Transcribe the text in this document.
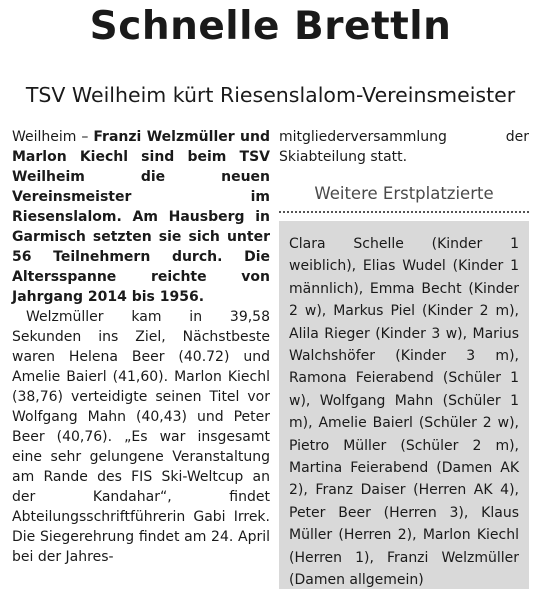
Schnelle Brettln
TSV Weilheim kürt Riesenslalom-Vereinsmeister

Weilheim – Franzi Welzmüller und Marlon Kiechl sind beim TSV Weilheim die neuen Vereinsmeister im Riesenslalom. Am Hausberg in Garmisch setzten sie sich unter 56 Teilnehmern durch. Die Altersspanne reichte von Jahrgang 2014 bis 1956.

Welzmüller kam in 39,58 Sekunden ins Ziel, Nächstbeste waren Helena Beer (40.72) und Amelie Baierl (41,60). Marlon Kiechl (38,76) verteidigte seinen Titel vor Wolfgang Mahn (40,43) und Peter Beer (40,76). „Es war insgesamt eine sehr gelungene Veranstaltung am Rande des FIS Ski-Weltcup an der Kandahar“, findet Abteilungsschriftführerin Gabi Irrek. Die Siegerehrung findet am 24. April bei der Jahres-

mitgliederversammlung der Skiabteilung statt.

Weitere Erstplatzierte

Clara Schelle (Kinder 1 weiblich), Elias Wudel (Kinder 1 männlich), Emma Becht (Kinder 2 w), Markus Piel (Kinder 2 m), Alila Rieger (Kinder 3 w), Marius Walchshöfer (Kinder 3 m), Ramona Feierabend (Schüler 1 w), Wolfgang Mahn (Schüler 1 m), Amelie Baierl (Schüler 2 w), Pietro Müller (Schüler 2 m), Martina Feierabend (Damen AK 2), Franz Daiser (Herren AK 4), Peter Beer (Herren 3), Klaus Müller (Herren 2), Marlon Kiechl (Herren 1), Franzi Welzmüller (Damen allgemein)
